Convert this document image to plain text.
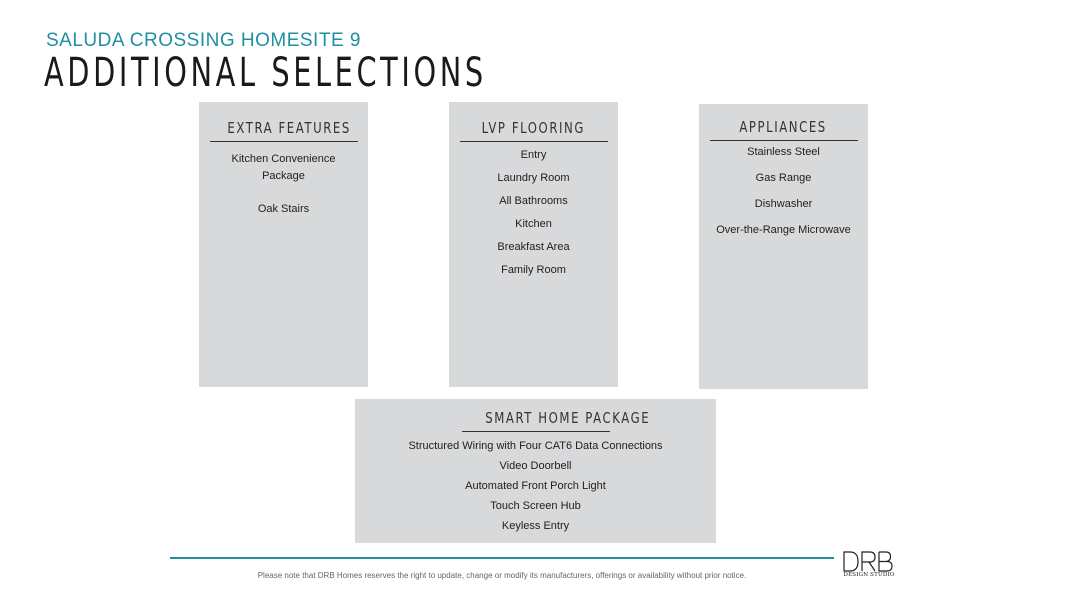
SALUDA CROSSING HOMESITE 9
ADDITIONAL SELECTIONS
EXTRA FEATURES
Kitchen Convenience
Package
Oak Stairs
LVP FLOORING
Entry
Laundry Room
All Bathrooms
Kitchen
Breakfast Area
Family Room
APPLIANCES
Stainless Steel
Gas Range
Dishwasher
Over-the-Range Microwave
SMART HOME PACKAGE
Structured Wiring with Four CAT6 Data Connections
Video Doorbell
Automated Front Porch Light
Touch Screen Hub
Keyless Entry
Please note that DRB Homes reserves the right to update, change or modify its manufacturers, offerings or availability without prior notice.	DESIGN STUDIO
